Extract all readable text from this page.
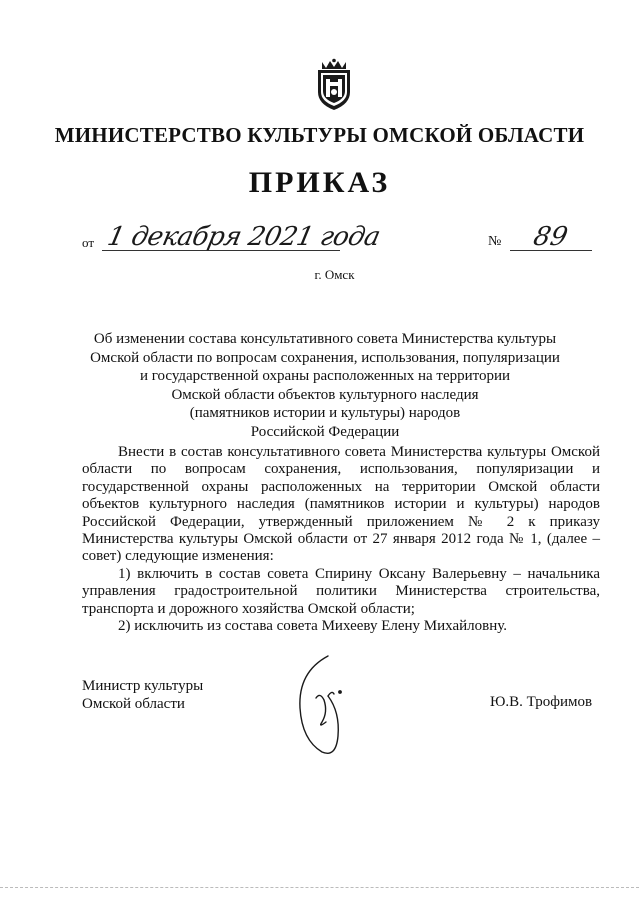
МИНИСТЕРСТВО КУЛЬТУРЫ ОМСКОЙ ОБЛАСТИ
ПРИКАЗ
от 1 декабря 2021 года	№ 89
г. Омск
Об изменении состава консультативного совета Министерства культуры
Омской области по вопросам сохранения, использования, популяризации
и государственной охраны расположенных на территории
Омской области объектов культурного наследия
(памятников истории и культуры) народов
Российской Федерации

Внести в состав консультативного совета Министерства культуры Омской области по вопросам сохранения, использования, популяризации и государственной охраны расположенных на территории Омской области объектов культурного наследия (памятников истории и культуры) народов Российской Федерации, утвержденный приложением № 2 к приказу Министерства культуры Омской области от 27 января 2012 года № 1, (далее – совет) следующие изменения:

1) включить в состав совета Спирину Оксану Валерьевну – начальника управления градостроительной политики Министерства строительства, транспорта и дорожного хозяйства Омской области;

2) исключить из состава совета Михееву Елену Михайловну.

Министр культуры
Омской области	Ю.В. Трофимов
